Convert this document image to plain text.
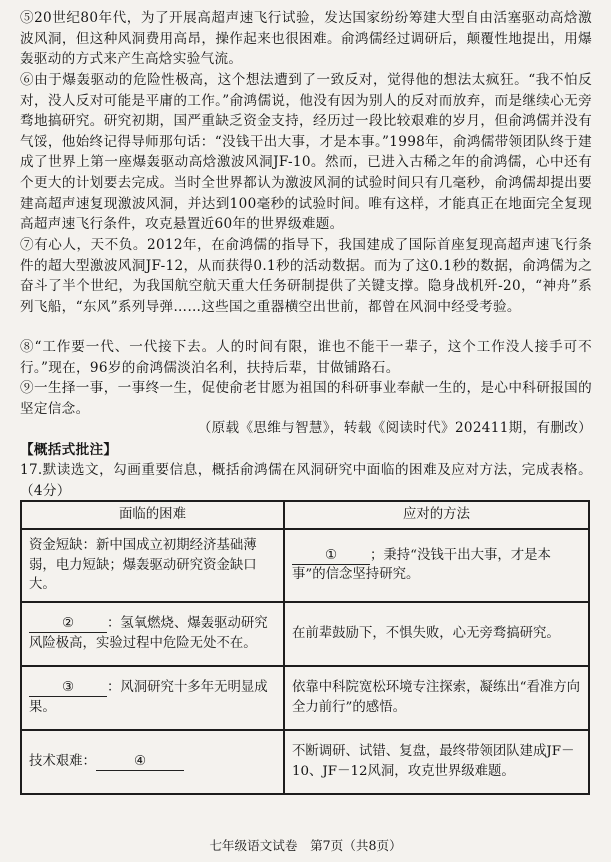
⑤20世纪80年代，为了开展高超声速飞行试验，发达国家纷纷筹建大型自由活塞驱动高焓激波风洞，但这种风洞费用高昂，操作起来也很困难。俞鸿儒经过调研后，颠覆性地提出，用爆轰驱动的方式来产生高焓实验气流。

⑥由于爆轰驱动的危险性极高，这个想法遭到了一致反对，觉得他的想法太疯狂。“我不怕反对，没人反对可能是平庸的工作。”俞鸿儒说，他没有因为别人的反对而放弃，而是继续心无旁骛地搞研究。研究初期，国严重缺乏资金支持，经历过一段比较艰难的岁月，但俞鸿儒并没有气馁，他始终记得导师那句话：“没钱干出大事，才是本事。”1998年，俞鸿儒带领团队终于建成了世界上第一座爆轰驱动高焓激波风洞JF-10。然而，已进入古稀之年的俞鸿儒，心中还有个更大的计划要去完成。当时全世界都认为激波风洞的试验时间只有几毫秒，俞鸿儒却提出要建高超声速复现激波风洞，并达到100毫秒的试验时间。唯有这样，才能真正在地面完全复现高超声速飞行条件，攻克悬置近60年的世界级难题。

⑦有心人，天不负。2012年，在俞鸿儒的指导下，我国建成了国际首座复现高超声速飞行条件的超大型激波风洞JF-12，从而获得0.1秒的活动数据。而为了这0.1秒的数据，俞鸿儒为之奋斗了半个世纪，为我国航空航天重大任务研制提供了关键支撑。隐身战机歼-20，“神舟”系列飞船，“东风”系列导弹……这些国之重器横空出世前，都曾在风洞中经受考验。

⑧“工作要一代、一代接下去。人的时间有限，谁也不能干一辈子，这个工作没人接手可不行。”现在，96岁的俞鸿儒淡泊名利，扶持后辈，甘做铺路石。

⑨一生择一事，一事终一生，促使俞老甘愿为祖国的科研事业奉献一生的，是心中科研报国的坚定信念。

（原载《思维与智慧》，转载《阅读时代》202411期，有删改）

【概括式批注】

17.默读选文，勾画重要信息，概括俞鸿儒在风洞研究中面临的困难及应对方法，完成表格。（4分）

面临的困难	应对的方法
资金短缺：新中国成立初期经济基础薄弱，电力短缺；爆轰驱动研究资金缺口大。	① ；秉持“没钱干出大事，才是本事”的信念坚持研究。
② ：氢氧燃烧、爆轰驱动研究风险极高，实验过程中危险无处不在。	在前辈鼓励下，不惧失败，心无旁骛搞研究。
③ ：风洞研究十多年无明显成果。	依靠中科院宽松环境专注探索，凝练出“看准方向全力前行”的感悟。
技术艰难： ④	不断调研、试错、复盘，最终带领团队建成JF－10、JF－12风洞，攻克世界级难题。
七年级语文试卷　第7页（共8页）
